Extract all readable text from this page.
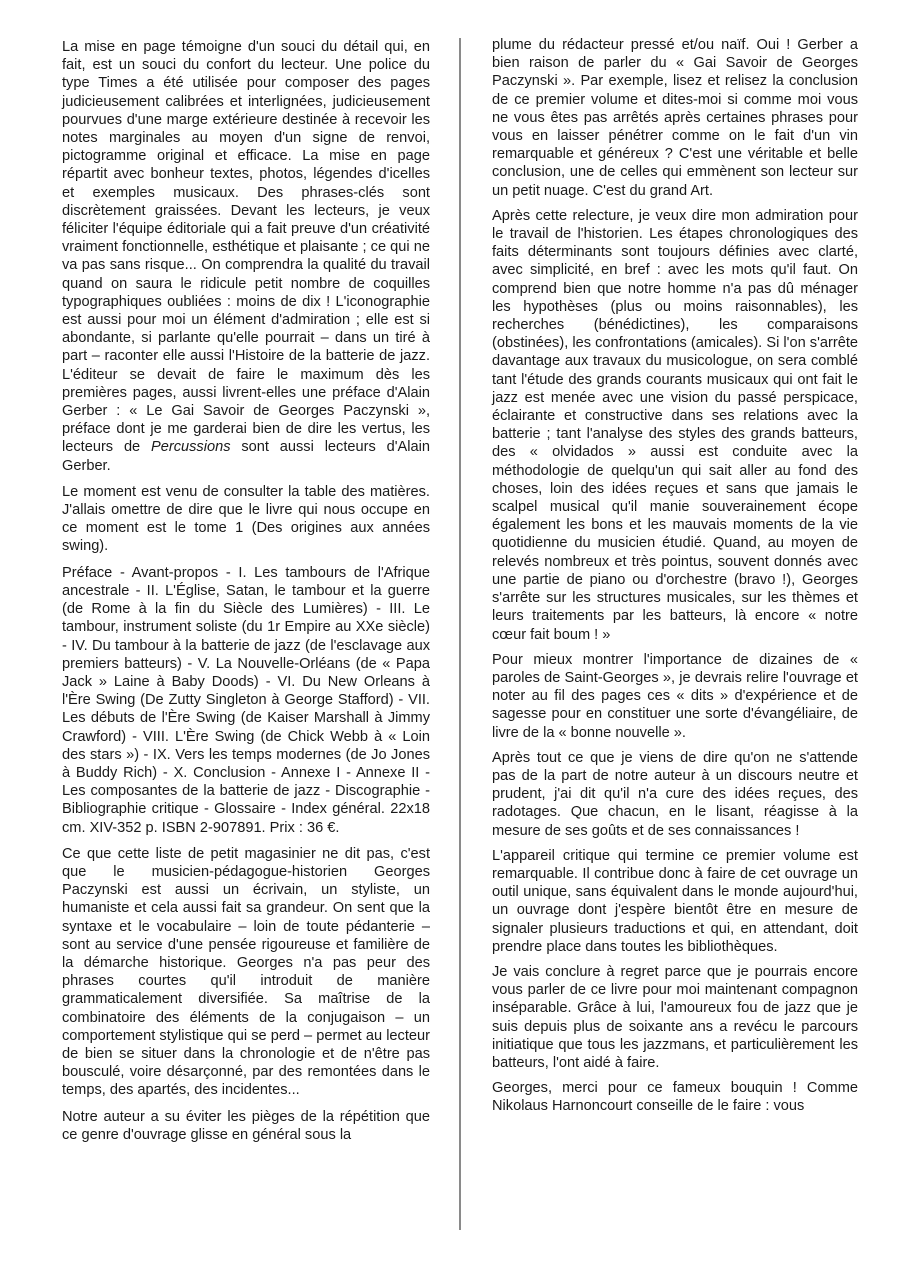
La mise en page témoigne d'un souci du détail qui, en fait, est un souci du confort du lecteur. Une police du type Times a été utilisée pour composer des pages judicieusement calibrées et interlignées, judicieusement pourvues d'une marge extérieure destinée à recevoir les notes marginales au moyen d'un signe de renvoi, pictogramme original et efficace. La mise en page répartit avec bonheur textes, photos, légendes d'icelles et exemples musicaux. Des phrases-clés sont discrètement graissées. Devant les lecteurs, je veux féliciter l'équipe éditoriale qui a fait preuve d'un créativité vraiment fonctionnelle, esthétique et plaisante ; ce qui ne va pas sans risque... On comprendra la qualité du travail quand on saura le ridicule petit nombre de coquilles typographiques oubliées : moins de dix ! L'iconographie est aussi pour moi un élément d'admiration ; elle est si abondante, si parlante qu'elle pourrait – dans un tiré à part – raconter elle aussi l'Histoire de la batterie de jazz. L'éditeur se devait de faire le maximum dès les premières pages, aussi livrent-elles une préface d'Alain Gerber : « Le Gai Savoir de Georges Paczynski », préface dont je me garderai bien de dire les vertus, les lecteurs de Percussions sont aussi lecteurs d'Alain Gerber.

Le moment est venu de consulter la table des matières. J'allais omettre de dire que le livre qui nous occupe en ce moment est le tome 1 (Des origines aux années swing).

Préface - Avant-propos - I. Les tambours de l'Afrique ancestrale - II. L'Église, Satan, le tambour et la guerre (de Rome à la fin du Siècle des Lumières) - III. Le tambour, instrument soliste (du 1r Empire au XXe siècle) - IV. Du tambour à la batterie de jazz (de l'esclavage aux premiers batteurs) - V. La Nouvelle-Orléans (de « Papa Jack » Laine à Baby Doods) - VI. Du New Orleans à l'Ère Swing (De Zutty Singleton à George Stafford) - VII. Les débuts de l'Ère Swing (de Kaiser Marshall à Jimmy Crawford) - VIII. L'Ère Swing (de Chick Webb à « Loin des stars ») - IX. Vers les temps modernes (de Jo Jones à Buddy Rich) - X. Conclusion - Annexe I - Annexe II - Les composantes de la batterie de jazz - Discographie - Bibliographie critique - Glossaire - Index général. 22x18 cm. XIV-352 p. ISBN 2-907891. Prix : 36 €.

Ce que cette liste de petit magasinier ne dit pas, c'est que le musicien-pédagogue-historien Georges Paczynski est aussi un écrivain, un styliste, un humaniste et cela aussi fait sa grandeur. On sent que la syntaxe et le vocabulaire – loin de toute pédanterie – sont au service d'une pensée rigoureuse et familière de la démarche historique. Georges n'a pas peur des phrases courtes qu'il introduit de manière grammaticalement diversifiée. Sa maîtrise de la combinatoire des éléments de la conjugaison – un comportement stylistique qui se perd – permet au lecteur de bien se situer dans la chronologie et de n'être pas bousculé, voire désarçonné, par des remontées dans le temps, des apartés, des incidentes...

Notre auteur a su éviter les pièges de la répétition que ce genre d'ouvrage glisse en général sous la

plume du rédacteur pressé et/ou naïf. Oui ! Gerber a bien raison de parler du « Gai Savoir de Georges Paczynski ». Par exemple, lisez et relisez la conclusion de ce premier volume et dites-moi si comme moi vous ne vous êtes pas arrêtés après certaines phrases pour vous en laisser pénétrer comme on le fait d'un vin remarquable et généreux ? C'est une véritable et belle conclusion, une de celles qui emmènent son lecteur sur un petit nuage. C'est du grand Art.

Après cette relecture, je veux dire mon admiration pour le travail de l'historien. Les étapes chronologiques des faits déterminants sont toujours définies avec clarté, avec simplicité, en bref : avec les mots qu'il faut. On comprend bien que notre homme n'a pas dû ménager les hypothèses (plus ou moins raisonnables), les recherches (bénédictines), les comparaisons (obstinées), les confrontations (amicales). Si l'on s'arrête davantage aux travaux du musicologue, on sera comblé tant l'étude des grands courants musicaux qui ont fait le jazz est menée avec une vision du passé perspicace, éclairante et constructive dans ses relations avec la batterie ; tant l'analyse des styles des grands batteurs, des « olvidados » aussi est conduite avec la méthodologie de quelqu'un qui sait aller au fond des choses, loin des idées reçues et sans que jamais le scalpel musical qu'il manie souverainement écope également les bons et les mauvais moments de la vie quotidienne du musicien étudié. Quand, au moyen de relevés nombreux et très pointus, souvent donnés avec une partie de piano ou d'orchestre (bravo !), Georges s'arrête sur les structures musicales, sur les thèmes et leurs traitements par les batteurs, là encore « notre cœur fait boum ! »

Pour mieux montrer l'importance de dizaines de « paroles de Saint-Georges », je devrais relire l'ouvrage et noter au fil des pages ces « dits » d'expérience et de sagesse pour en constituer une sorte d'évangéliaire, de livre de la « bonne nouvelle ».

Après tout ce que je viens de dire qu'on ne s'attende pas de la part de notre auteur à un discours neutre et prudent, j'ai dit qu'il n'a cure des idées reçues, des radotages. Que chacun, en le lisant, réagisse à la mesure de ses goûts et de ses connaissances !

L'appareil critique qui termine ce premier volume est remarquable. Il contribue donc à faire de cet ouvrage un outil unique, sans équivalent dans le monde aujourd'hui, un ouvrage dont j'espère bientôt être en mesure de signaler plusieurs traductions et qui, en attendant, doit prendre place dans toutes les bibliothèques.

Je vais conclure à regret parce que je pourrais encore vous parler de ce livre pour moi maintenant compagnon inséparable. Grâce à lui, l'amoureux fou de jazz que je suis depuis plus de soixante ans a revécu le parcours initiatique que tous les jazzmans, et particulièrement les batteurs, l'ont aidé à faire.

Georges, merci pour ce fameux bouquin ! Comme Nikolaus Harnoncourt conseille de le faire : vous
